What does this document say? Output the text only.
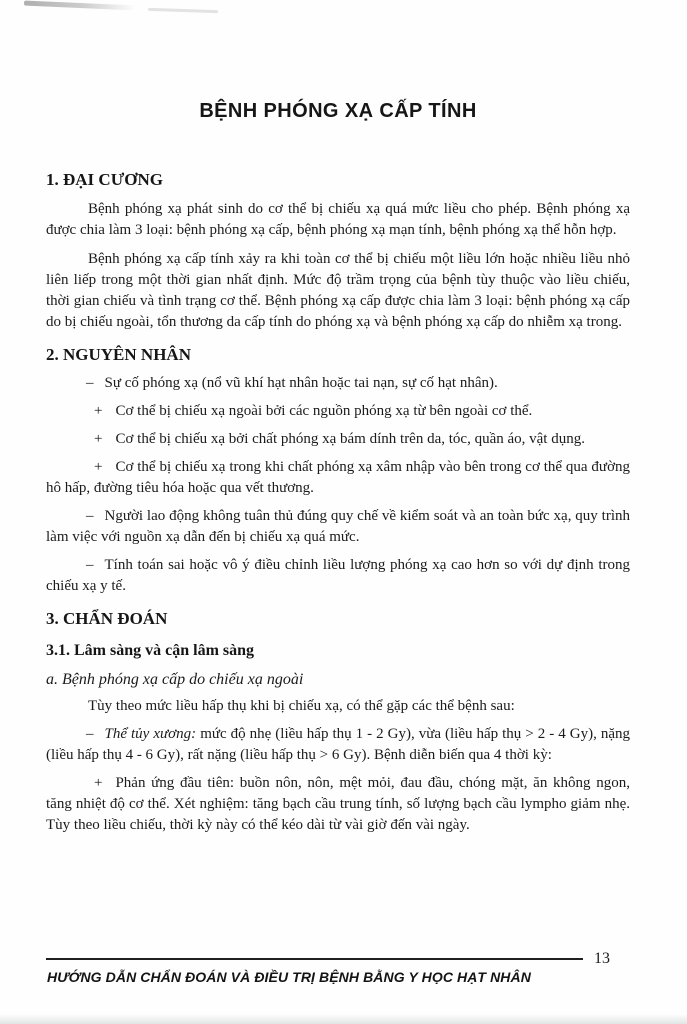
BỆNH PHÓNG XẠ CẤP TÍNH
1. ĐẠI CƯƠNG

Bệnh phóng xạ phát sinh do cơ thể bị chiếu xạ quá mức liều cho phép. Bệnh phóng xạ được chia làm 3 loại: bệnh phóng xạ cấp, bệnh phóng xạ mạn tính, bệnh phóng xạ thể hỗn hợp.

Bệnh phóng xạ cấp tính xảy ra khi toàn cơ thể bị chiếu một liều lớn hoặc nhiều liều nhỏ liên liếp trong một thời gian nhất định. Mức độ trầm trọng của bệnh tùy thuộc vào liều chiếu, thời gian chiếu và tình trạng cơ thể. Bệnh phóng xạ cấp được chia làm 3 loại: bệnh phóng xạ cấp do bị chiếu ngoài, tổn thương da cấp tính do phóng xạ và bệnh phóng xạ cấp do nhiễm xạ trong.

2. NGUYÊN NHÂN

– Sự cố phóng xạ (nổ vũ khí hạt nhân hoặc tai nạn, sự cố hạt nhân).

+ Cơ thể bị chiếu xạ ngoài bởi các nguồn phóng xạ từ bên ngoài cơ thể.

+ Cơ thể bị chiếu xạ bởi chất phóng xạ bám dính trên da, tóc, quần áo, vật dụng.

+ Cơ thể bị chiếu xạ trong khi chất phóng xạ xâm nhập vào bên trong cơ thể qua đường hô hấp, đường tiêu hóa hoặc qua vết thương.

– Người lao động không tuân thủ đúng quy chế về kiểm soát và an toàn bức xạ, quy trình làm việc với nguồn xạ dẫn đến bị chiếu xạ quá mức.

– Tính toán sai hoặc vô ý điều chỉnh liều lượng phóng xạ cao hơn so với dự định trong chiếu xạ y tế.

3. CHẨN ĐOÁN
3.1. Lâm sàng và cận lâm sàng
a. Bệnh phóng xạ cấp do chiếu xạ ngoài

Tùy theo mức liều hấp thụ khi bị chiếu xạ, có thể gặp các thể bệnh sau:

– Thể tủy xương: mức độ nhẹ (liều hấp thụ 1 - 2 Gy), vừa (liều hấp thụ > 2 - 4 Gy), nặng (liều hấp thụ 4 - 6 Gy), rất nặng (liều hấp thụ > 6 Gy). Bệnh diễn biến qua 4 thời kỳ:

+ Phản ứng đầu tiên: buồn nôn, nôn, mệt mỏi, đau đầu, chóng mặt, ăn không ngon, tăng nhiệt độ cơ thể. Xét nghiệm: tăng bạch cầu trung tính, số lượng bạch cầu lympho giảm nhẹ. Tùy theo liều chiếu, thời kỳ này có thể kéo dài từ vài giờ đến vài ngày.

13
HƯỚNG DẪN CHẨN ĐOÁN VÀ ĐIỀU TRỊ BỆNH BẰNG Y HỌC HẠT NHÂN
